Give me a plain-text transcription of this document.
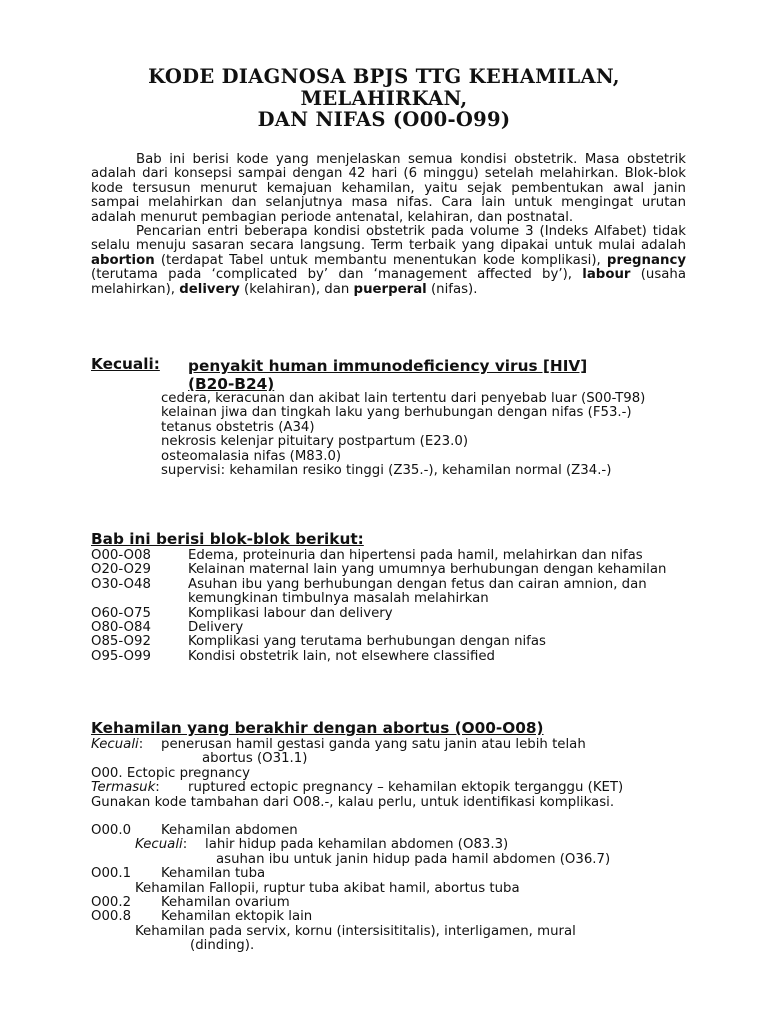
KODE DIAGNOSA BPJS TTG KEHAMILAN,
MELAHIRKAN,
DAN NIFAS (O00-O99)

Bab ini berisi kode yang menjelaskan semua kondisi obstetrik. Masa obstetrik adalah dari konsepsi sampai dengan 42 hari (6 minggu) setelah melahirkan. Blok-blok kode tersusun menurut kemajuan kehamilan, yaitu sejak pembentukan awal janin sampai melahirkan dan selanjutnya masa nifas. Cara lain untuk mengingat urutan adalah menurut pembagian periode antenatal, kelahiran, dan postnatal.

Pencarian entri beberapa kondisi obstetrik pada volume 3 (Indeks Alfabet) tidak selalu menuju sasaran secara langsung. Term terbaik yang dipakai untuk mulai adalah abortion (terdapat Tabel untuk membantu menentukan kode komplikasi), pregnancy (terutama pada ‘complicated by’ dan ‘management affected by’), labour (usaha melahirkan), delivery (kelahiran), dan puerperal (nifas).

Kecuali: penyakit human immunodeficiency virus [HIV]
(B20-B24)
cedera, keracunan dan akibat lain tertentu dari penyebab luar (S00-T98)
kelainan jiwa dan tingkah laku yang berhubungan dengan nifas (F53.-)
tetanus obstetris (A34)
nekrosis kelenjar pituitary postpartum (E23.0)
osteomalasia nifas (M83.0)
supervisi: kehamilan resiko tinggi (Z35.-), kehamilan normal (Z34.-)
Bab ini berisi blok-blok berikut:
O00-O08	Edema, proteinuria dan hipertensi pada hamil, melahirkan dan nifas
O20-O29	Kelainan maternal lain yang umumnya berhubungan dengan kehamilan
O30-O48	Asuhan ibu yang berhubungan dengan fetus dan cairan amnion, dan kemungkinan timbulnya masalah melahirkan
O60-O75	Komplikasi labour dan delivery
O80-O84	Delivery
O85-O92	Komplikasi yang terutama berhubungan dengan nifas
O95-O99	Kondisi obstetrik lain, not elsewhere classified
Kehamilan yang berakhir dengan abortus (O00-O08)
Kecuali:	penerusan hamil gestasi ganda yang satu janin atau lebih telah
abortus (O31.1)
O00. Ectopic pregnancy
Termasuk:	ruptured ectopic pregnancy – kehamilan ektopik terganggu (KET)
Gunakan kode tambahan dari O08.-, kalau perlu, untuk identifikasi komplikasi.
O00.0	Kehamilan abdomen
Kecuali:	lahir hidup pada kehamilan abdomen (O83.3)
asuhan ibu untuk janin hidup pada hamil abdomen (O36.7)
O00.1	Kehamilan tuba
Kehamilan Fallopii, ruptur tuba akibat hamil, abortus tuba
O00.2	Kehamilan ovarium
O00.8	Kehamilan ektopik lain
Kehamilan pada servix, kornu (intersisititalis), interligamen, mural
(dinding).
